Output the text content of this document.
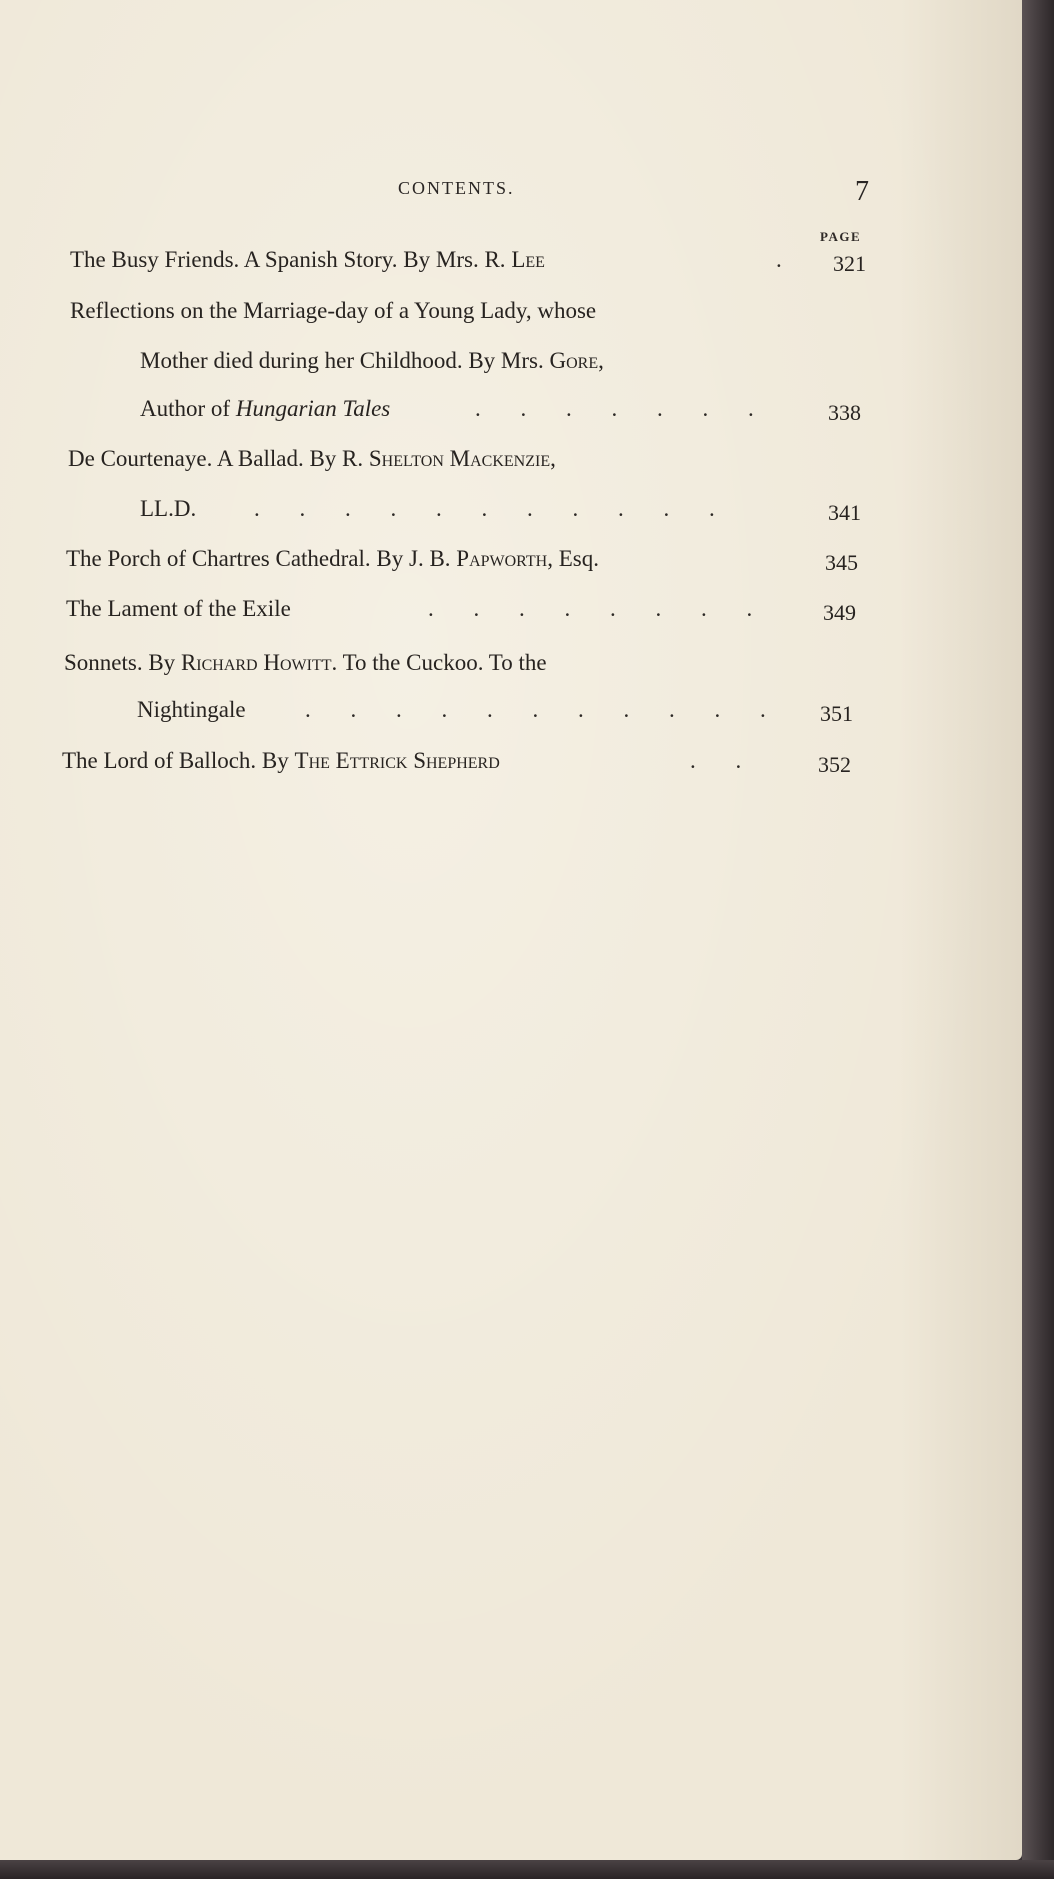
CONTENTS.	7
PAGE
The Busy Friends. A Spanish Story. By Mrs. R. Lee	. 321
Reflections on the Marriage-day of a Young Lady, whose
Mother died during her Childhood. By Mrs. Gore,
Author of Hungarian Tales	. . . . . . .	338
De Courtenaye. A Ballad. By R. Shelton Mackenzie,
LL.D.	. . . . . . . . . . .	341
The Porch of Chartres Cathedral. By J. B. Papworth, Esq.	345
The Lament of the Exile	. . . . . . . . 349
Sonnets. By Richard Howitt. To the Cuckoo. To the
Nightingale	. . . . . . . . . . . 351
The Lord of Balloch. By The Ettrick Shepherd	. .	352
